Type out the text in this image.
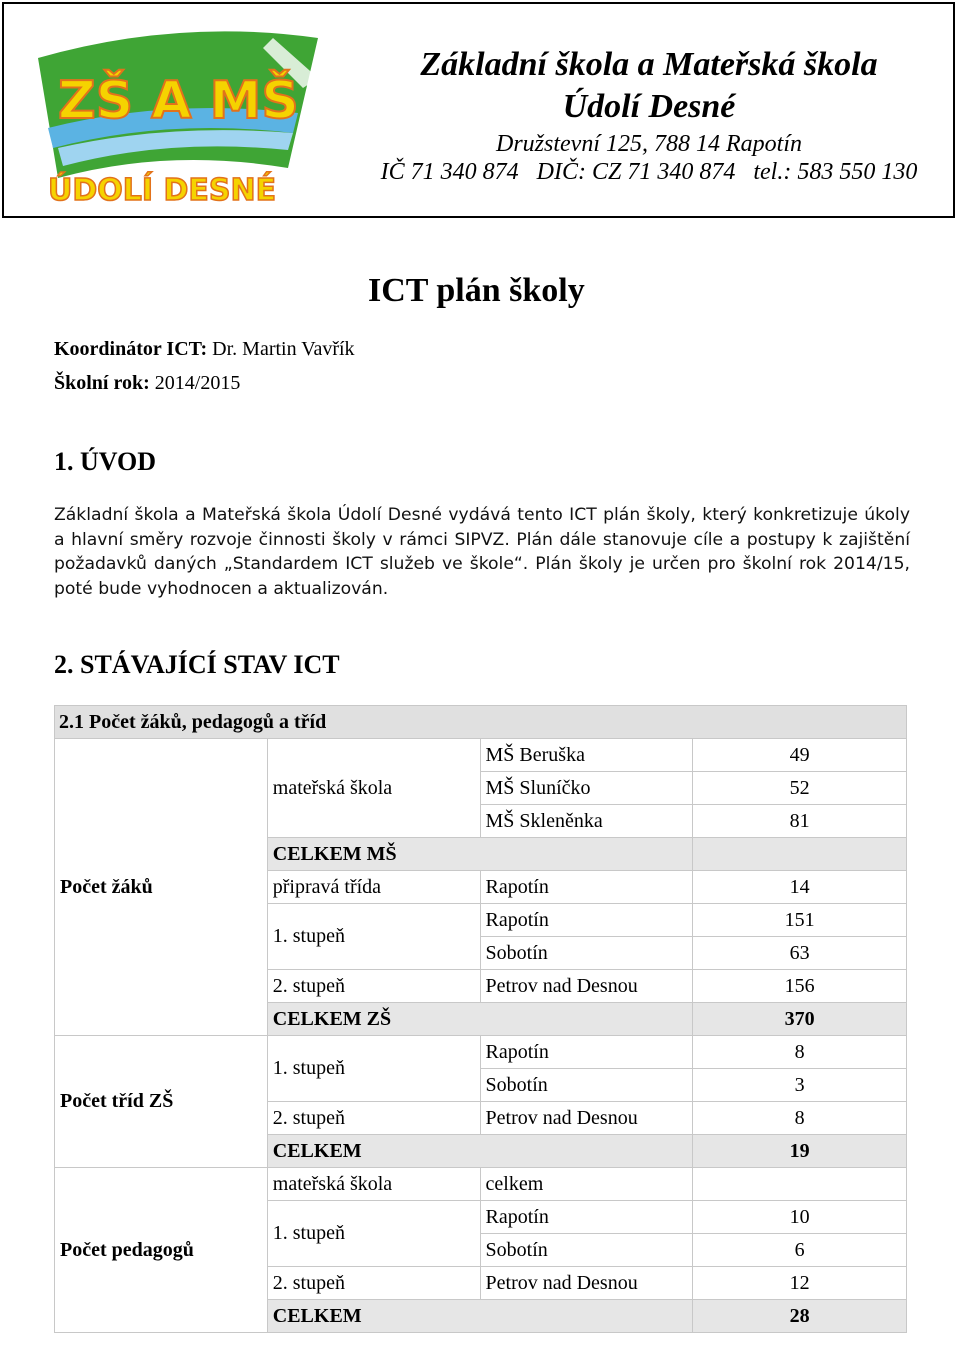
ZŠ A MŠ
ÚDOLÍ DESNÉ
Základní škola a Mateřská škola
Údolí Desné
Družstevní 125, 788 14 Rapotín
IČ 71 340 874   DIČ: CZ 71 340 874   tel.: 583 550 130
ICT plán školy
Koordinátor ICT: Dr. Martin Vavřík
Školní rok: 2014/2015
1. ÚVOD
Základní škola a Mateřská škola Údolí Desné vydává tento ICT plán školy, který konkretizuje úkoly a hlavní směry rozvoje činnosti školy v rámci SIPVZ. Plán dále stanovuje cíle a postupy k zajištění požadavků daných „Standardem ICT služeb ve škole“. Plán školy je určen pro školní rok 2014/15, poté bude vyhodnocen a aktualizován.
2. STÁVAJÍCÍ STAV ICT
2.1 Počet žáků, pedagogů a tříd			
Počet žáků	mateřská škola	MŠ Beruška	49
		MŠ Sluníčko	52
		MŠ Skleněnka	81
	CELKEM MŠ		
	připravá třída	Rapotín	14
	1. stupeň	Rapotín	151
		Sobotín	63
	2. stupeň	Petrov nad Desnou	156
	CELKEM ZŠ		370
Počet tříd ZŠ	1. stupeň	Rapotín	8
		Sobotín	3
	2. stupeň	Petrov nad Desnou	8
	CELKEM		19
Počet pedagogů	mateřská škola	celkem	
	1. stupeň	Rapotín	10
		Sobotín	6
	2. stupeň	Petrov nad Desnou	12
	CELKEM		28
